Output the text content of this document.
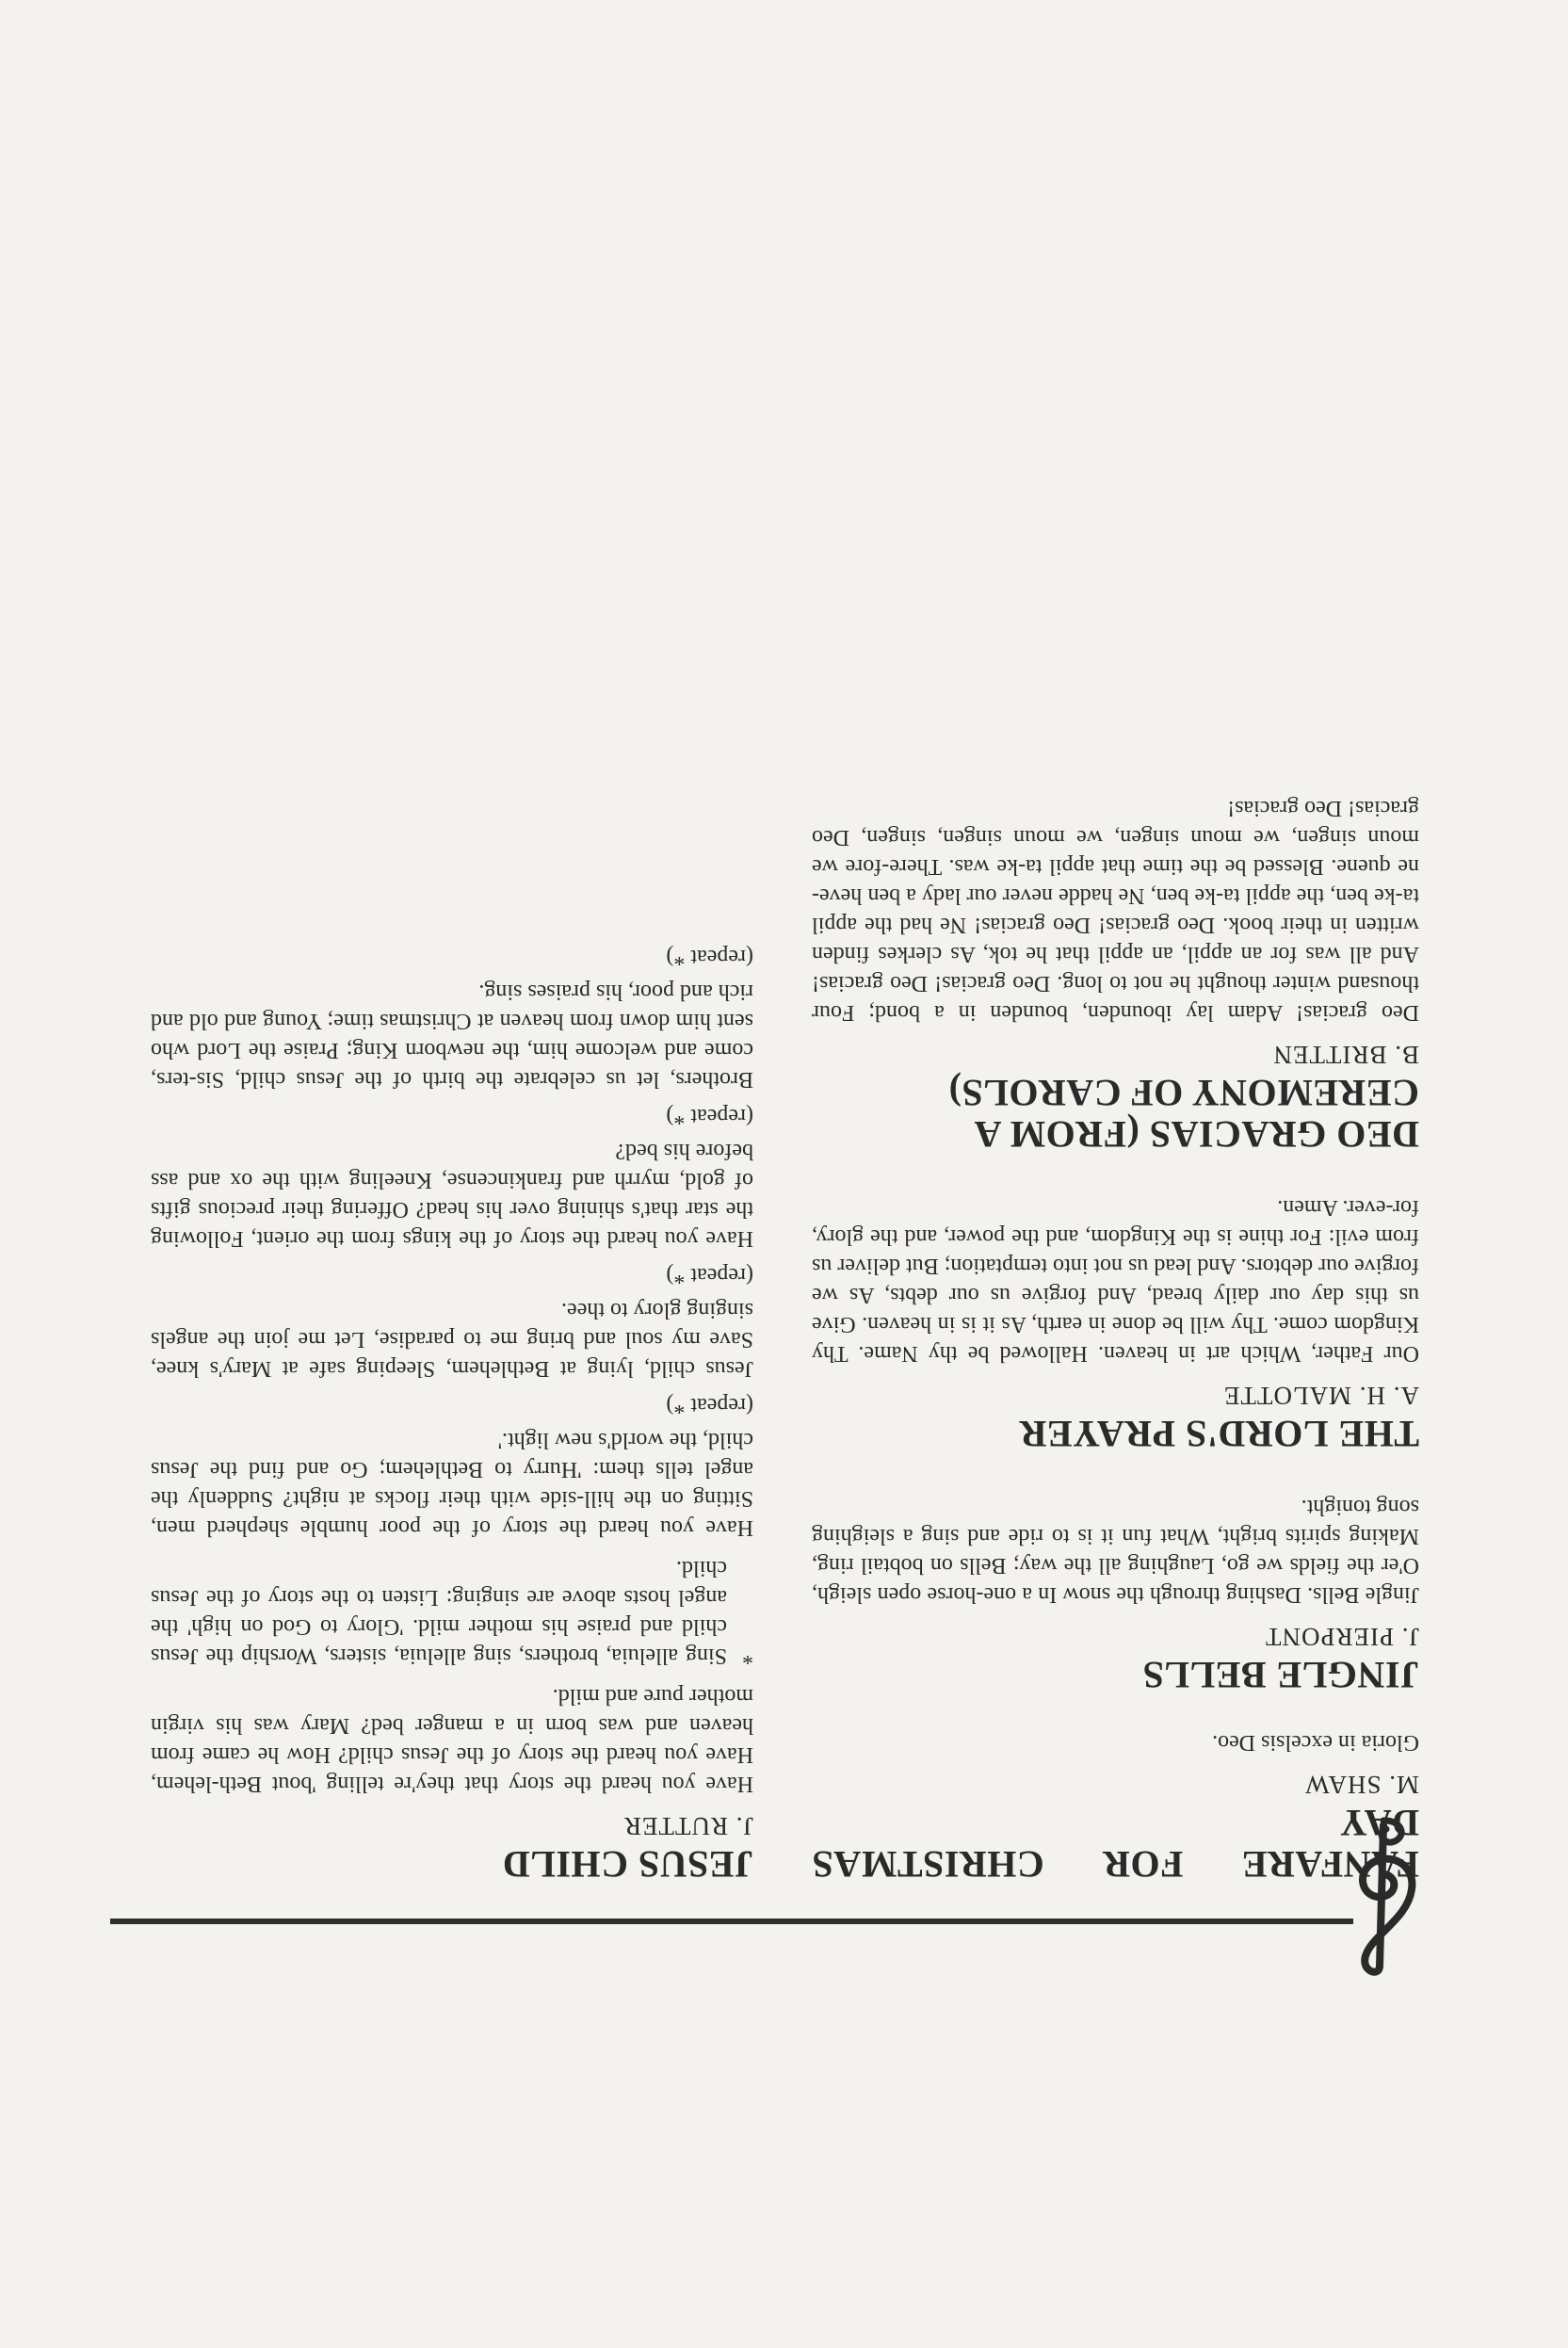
FANFARE FOR CHRISTMAS DAY
M. SHAW

Gloria in excelsis Deo.

JINGLE BELLS
J. PIERPONT

Jingle Bells. Dashing through the snow In a one-horse open sleigh, O'er the fields we go, Laughing all the way; Bells on bobtail ring, Making spirits bright, What fun it is to ride and sing a sleighing song tonight.

THE LORD'S PRAYER
A. H. MALOTTE

Our Father, Which art in heaven. Hallowed be thy Name. Thy Kingdom come. Thy will be done in earth, As it is in heaven. Give us this day our daily bread, And forgive us our debts, As we forgive our debtors. And lead us not into temptation; But deliver us from evil: For thine is the Kingdom, and the power, and the glory, for-ever. Amen.

DEO GRACIAS (FROM A CEREMONY OF CAROLS)
B. BRITTEN

Deo gracias! Adam lay ibounden, bounden in a bond; Four thousand winter thought he not to long. Deo gracias! Deo gracias! And all was for an appil, an appil that he tok, As clerkes finden written in their book. Deo gracias! Deo gracias! Ne had the appil ta-ke ben, the appil ta-ke ben, Ne hadde never our lady a ben heve-ne quene. Blessed be the time that appil ta-ke was. There-fore we moun singen, we moun singen, we moun singen, singen, Deo gracias! Deo gracias!

JESUS CHILD
J. RUTTER

Have you heard the story that they're telling 'bout Beth-lehem, Have you heard the story of the Jesus child? How he came from heaven and was born in a manger bed? Mary was his virgin mother pure and mild.

*

Sing alleluia, brothers, sing alleluia, sisters, Worship the Jesus child and praise his mother mild. 'Glory to God on high' the angel hosts above are singing: Listen to the story of the Jesus child.

Have you heard the story of the poor humble shepherd men, Sitting on the hill-side with their flocks at night? Suddenly the angel tells them: 'Hurry to Bethlehem; Go and find the Jesus child, the world's new light.'

(repeat *)

Jesus child, lying at Bethlehem, Sleeping safe at Mary's knee, Save my soul and bring me to paradise, Let me join the angels singing glory to thee.

(repeat *)

Have you heard the story of the kings from the orient, Following the star that's shining over his head? Offering their precious gifts of gold, myrrh and frankincense, Kneeling with the ox and ass before his bed?

(repeat *)

Brothers, let us celebrate the birth of the Jesus child, Sis-ters, come and welcome him, the newborn King; Praise the Lord who sent him down from heaven at Christmas time; Young and old and rich and poor, his praises sing.

(repeat *)
